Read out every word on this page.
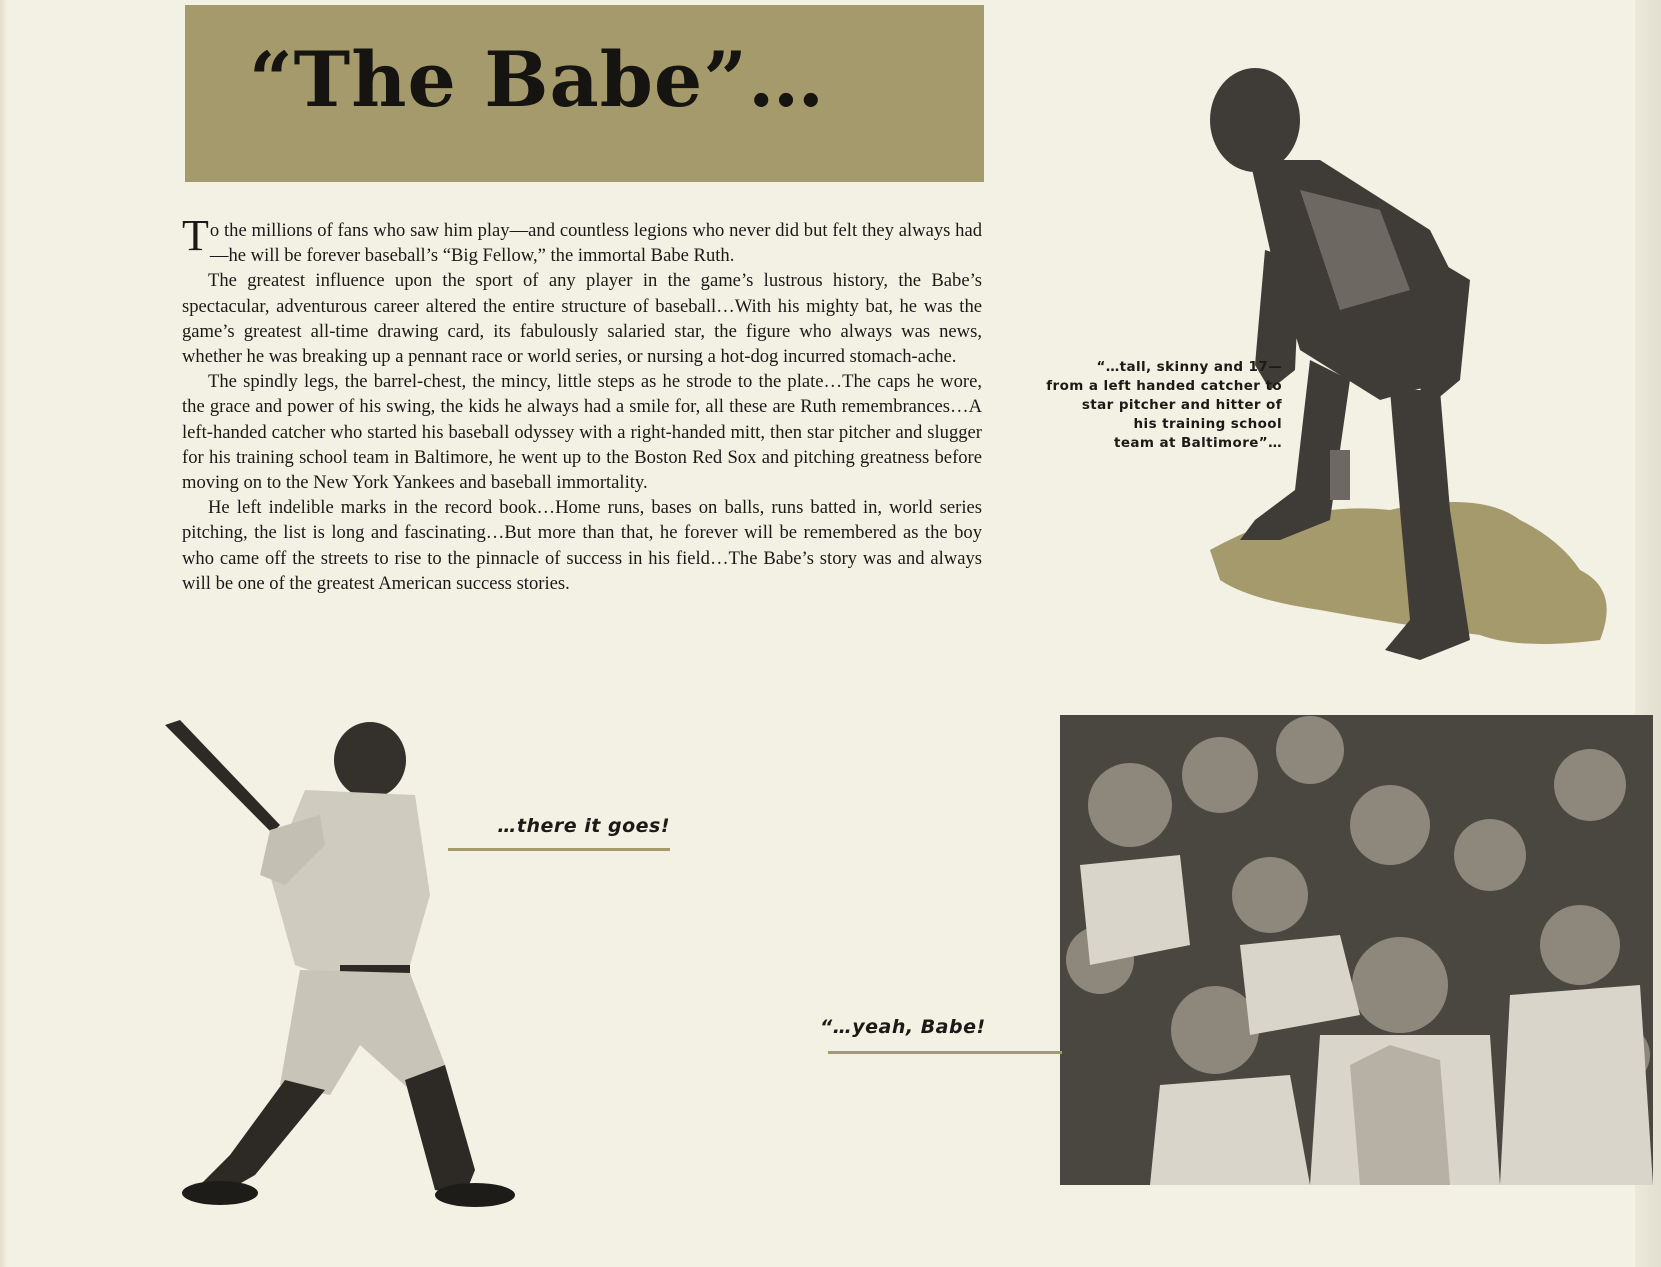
“The Babe”…

To the millions of fans who saw him play—and countless legions who never did but felt they always had—he will be forever baseball’s “Big Fellow,” the immortal Babe Ruth.

The greatest influence upon the sport of any player in the game’s lustrous history, the Babe’s spectacular, adventurous career altered the entire structure of baseball…With his mighty bat, he was the game’s greatest all-time drawing card, its fabulously salaried star, the figure who always was news, whether he was breaking up a pennant race or world series, or nursing a hot-dog incurred stomach-ache.

The spindly legs, the barrel-chest, the mincy, little steps as he strode to the plate…The caps he wore, the grace and power of his swing, the kids he always had a smile for, all these are Ruth remembrances…A left-handed catcher who started his baseball odyssey with a right-handed mitt, then star pitcher and slugger for his training school team in Baltimore, he went up to the Boston Red Sox and pitching greatness before moving on to the New York Yankees and baseball immortality.

He left indelible marks in the record book…Home runs, bases on balls, runs batted in, world series pitching, the list is long and fascinating…But more than that, he forever will be remembered as the boy who came off the streets to rise to the pinnacle of success in his field…The Babe’s story was and always will be one of the greatest American success stories.

“…tall, skinny and 17—
from a left handed catcher to
star pitcher and hitter of
his training school
team at Baltimore”…
…there it goes!
“…yeah, Babe!
